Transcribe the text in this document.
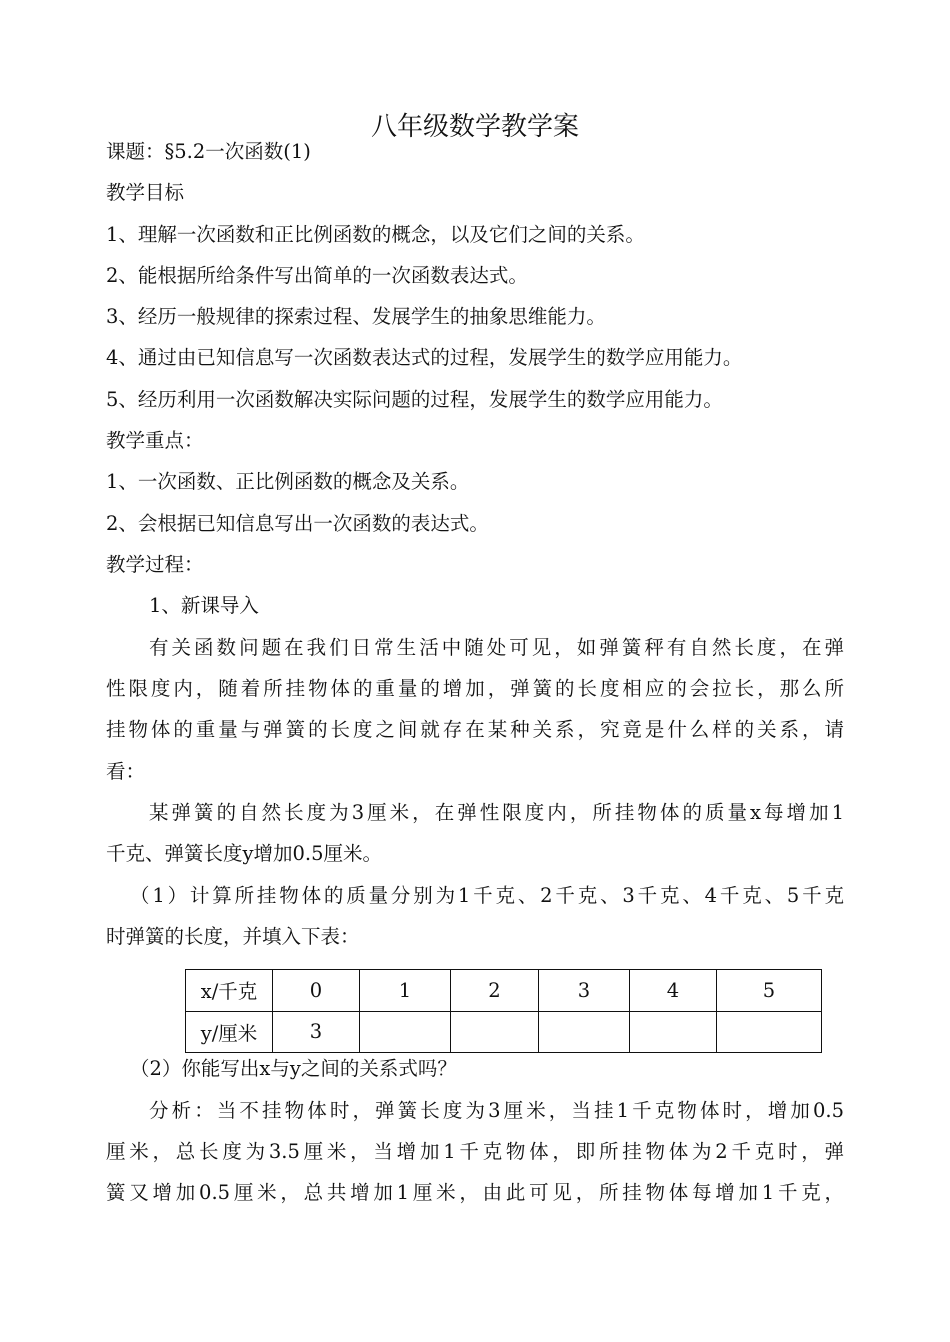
八年级数学教学案
课题：§5.2一次函数(1)
教学目标
1、理解一次函数和正比例函数的概念，以及它们之间的关系。
2、能根据所给条件写出简单的一次函数表达式。
3、经历一般规律的探索过程、发展学生的抽象思维能力。
4、通过由已知信息写一次函数表达式的过程，发展学生的数学应用能力。
5、经历利用一次函数解决实际问题的过程，发展学生的数学应用能力。
教学重点：
1、一次函数、正比例函数的概念及关系。
2、会根据已知信息写出一次函数的表达式。
教学过程：
1、新课导入
有关函数问题在我们日常生活中随处可见，如弹簧秤有自然长度，在弹
性限度内，随着所挂物体的重量的增加，弹簧的长度相应的会拉长，那么所
挂物体的重量与弹簧的长度之间就存在某种关系，究竟是什么样的关系，请
看：
某弹簧的自然长度为3厘米，在弹性限度内，所挂物体的质量x每增加1
千克、弹簧长度y增加0.5厘米。
（1）计算所挂物体的质量分别为1千克、2千克、3千克、4千克、5千克
时弹簧的长度，并填入下表：
x/千克	0	1	2	3	4	5
y/厘米	3					
（2）你能写出x与y之间的关系式吗？
分析：当不挂物体时，弹簧长度为3厘米，当挂1千克物体时，增加0.5
厘米，总长度为3.5厘米，当增加1千克物体，即所挂物体为2千克时，弹
簧又增加0.5厘米，总共增加1厘米，由此可见，所挂物体每增加1千克，
